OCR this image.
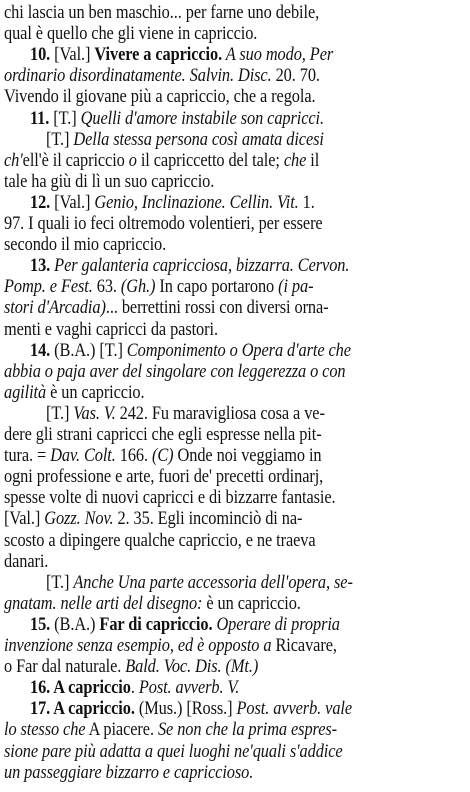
chi lascia un ben maschio... per farne uno debile,
qual è quello che gli viene in capriccio.
10. [Val.] Vivere a capriccio. A suo modo, Per
ordinario disordinatamente. Salvin. Disc. 20. 70.
Vivendo il giovane più a capriccio, che a regola.
11. [T.] Quelli d'amore instabile son capricci.
[T.] Della stessa persona così amata dicesi
ch'ell'è il capriccio o il capriccetto del tale; che il
tale ha giù di lì un suo capriccio.
12. [Val.] Genio, Inclinazione. Cellin. Vit. 1.
97. I quali io feci oltremodo volentieri, per essere
secondo il mio capriccio.
13. Per galanteria capricciosa, bizzarra. Cervon.
Pomp. e Fest. 63. (Gh.) In capo portarono (i pa-
stori d'Arcadia)... berrettini rossi con diversi orna-
menti e vaghi capricci da pastori.
14. (B.A.) [T.] Componimento o Opera d'arte che
abbia o paja aver del singolare con leggerezza o con
agilità è un capriccio.
[T.] Vas. V. 242. Fu maravigliosa cosa a ve-
dere gli strani capricci che egli espresse nella pit-
tura. = Dav. Colt. 166. (C) Onde noi veggiamo in
ogni professione e arte, fuori de' precetti ordinarj,
spesse volte di nuovi capricci e di bizzarre fantasie.
[Val.] Gozz. Nov. 2. 35. Egli incominciò di na-
scosto a dipingere qualche capriccio, e ne traeva
danari.
[T.] Anche Una parte accessoria dell'opera, se-
gnatam. nelle arti del disegno: è un capriccio.
15. (B.A.) Far di capriccio. Operare di propria
invenzione senza esempio, ed è opposto a Ricavare,
o Far dal naturale. Bald. Voc. Dis. (Mt.)
16. A capriccio. Post. avverb. V.
17. A capriccio. (Mus.) [Ross.] Post. avverb. vale
lo stesso che A piacere. Se non che la prima espres-
sione pare più adatta a quei luoghi ne'quali s'addice
un passeggiare bizzarro e capriccioso.
